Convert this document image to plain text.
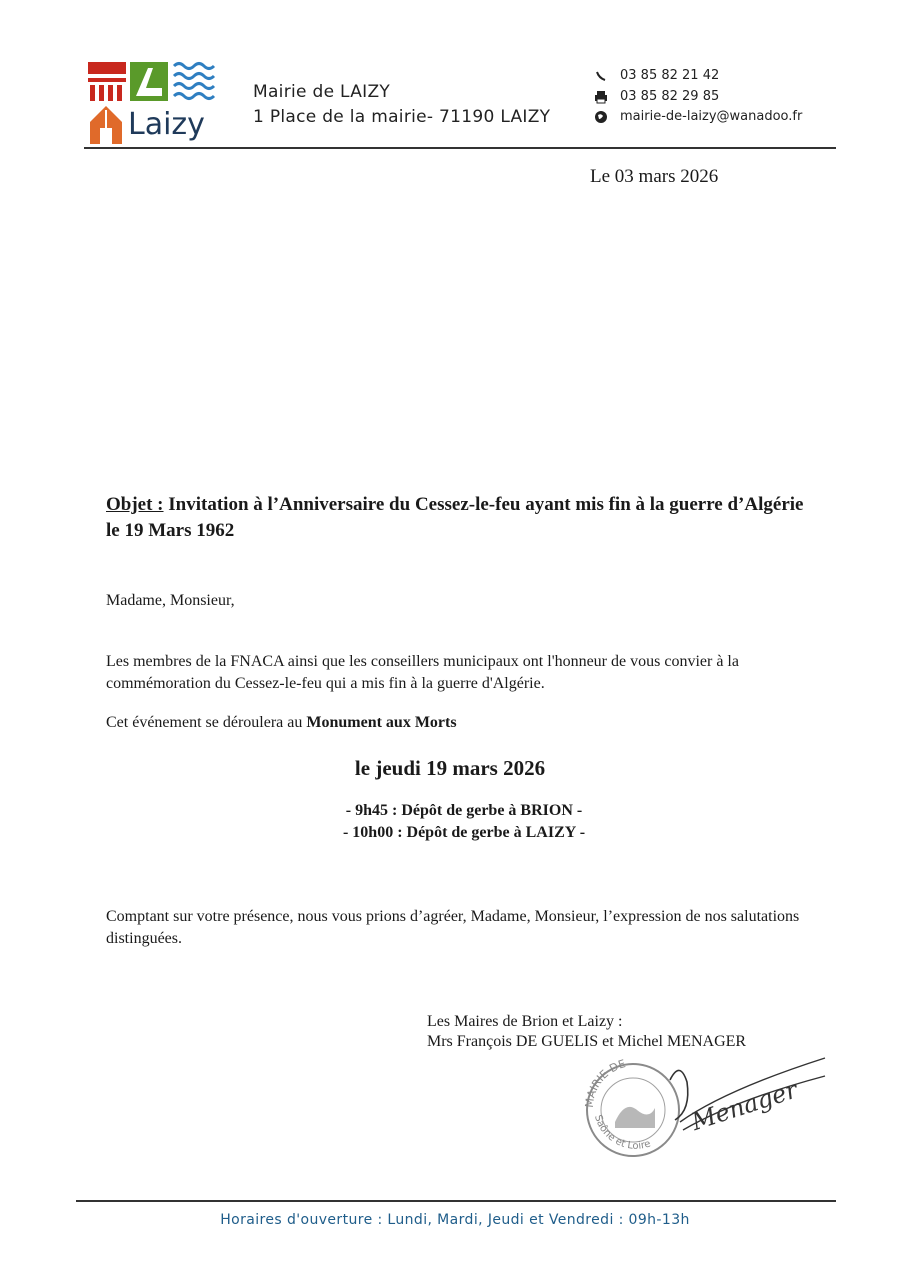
Laizy
Mairie de LAIZY
1 Place de la mairie- 71190 LAIZY
03 85 82 21 42
03 85 82 29 85
mairie-de-laizy@wanadoo.fr
Le 03 mars 2026
Objet : Invitation à l’Anniversaire du Cessez-le-feu ayant mis fin à la guerre d’Algérie le 19 Mars 1962
Madame, Monsieur,
Les membres de la FNACA ainsi que les conseillers municipaux ont l'honneur de vous convier à la commémoration du Cessez-le-feu qui a mis fin à la guerre d'Algérie.
Cet événement se déroulera au Monument aux Morts
le jeudi 19 mars 2026
- 9h45 : Dépôt de gerbe à BRION -
- 10h00 : Dépôt de gerbe à LAIZY -
Comptant sur votre présence, nous vous prions d’agréer, Madame, Monsieur, l’expression de nos salutations distinguées.
Les Maires de Brion et Laizy :
Mrs François DE GUELIS et Michel MENAGER
MAIRIE DE
Saône et Loire
Menager
Horaires d'ouverture : Lundi, Mardi, Jeudi et Vendredi : 09h-13h
